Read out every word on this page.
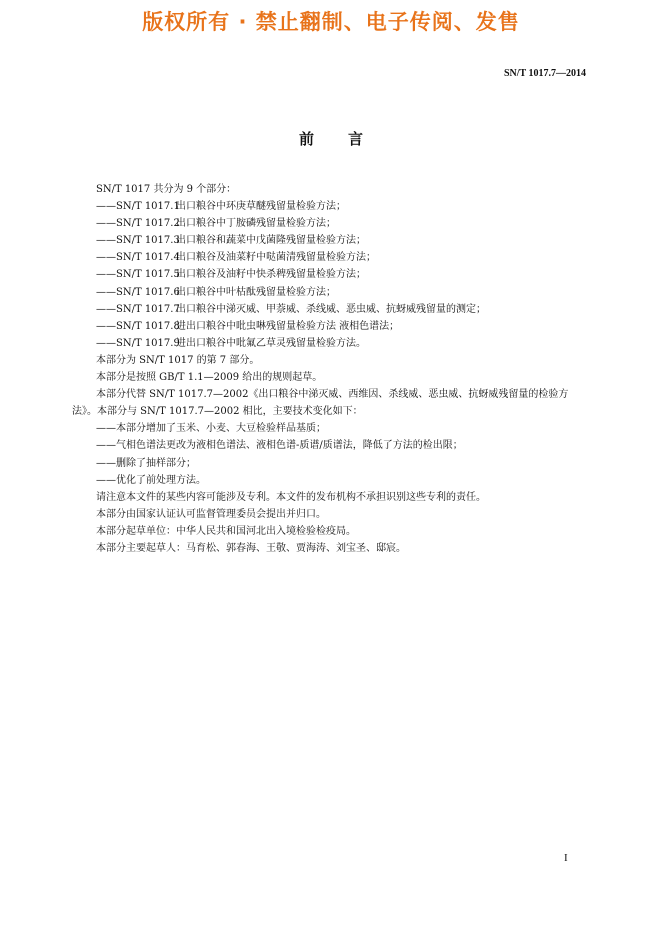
版权所有 · 禁止翻制、电子传阅、发售
SN/T 1017.7—2014
前言
SN/T 1017 共分为 9 个部分：
——SN/T 1017.1出口粮谷中环庚草醚残留量检验方法；
——SN/T 1017.2出口粮谷中丁胺磷残留量检验方法；
——SN/T 1017.3出口粮谷和蔬菜中戊菌隆残留量检验方法；
——SN/T 1017.4出口粮谷及油菜籽中哒菌清残留量检验方法；
——SN/T 1017.5出口粮谷及油籽中快杀稗残留量检验方法；
——SN/T 1017.6出口粮谷中叶枯酞残留量检验方法；
——SN/T 1017.7出口粮谷中涕灭威、甲萘威、杀线威、恶虫威、抗蚜威残留量的测定；
——SN/T 1017.8进出口粮谷中吡虫啉残留量检验方法 液相色谱法；
——SN/T 1017.9进出口粮谷中吡氟乙草灵残留量检验方法。
本部分为 SN/T 1017 的第 7 部分。
本部分是按照 GB/T 1.1—2009 给出的规则起草。
本部分代替 SN/T 1017.7—2002《出口粮谷中涕灭威、西维因、杀线威、恶虫威、抗蚜威残留量的检验方法》。本部分与 SN/T 1017.7—2002 相比，主要技术变化如下：
——本部分增加了玉米、小麦、大豆检验样品基质；
——气相色谱法更改为液相色谱法、液相色谱-质谱/质谱法，降低了方法的检出限；
——删除了抽样部分；
——优化了前处理方法。
请注意本文件的某些内容可能涉及专利。本文件的发布机构不承担识别这些专利的责任。
本部分由国家认证认可监督管理委员会提出并归口。
本部分起草单位：中华人民共和国河北出入境检验检疫局。
本部分主要起草人：马育松、郭春海、王敬、贾海涛、刘宝圣、邸宸。
I
